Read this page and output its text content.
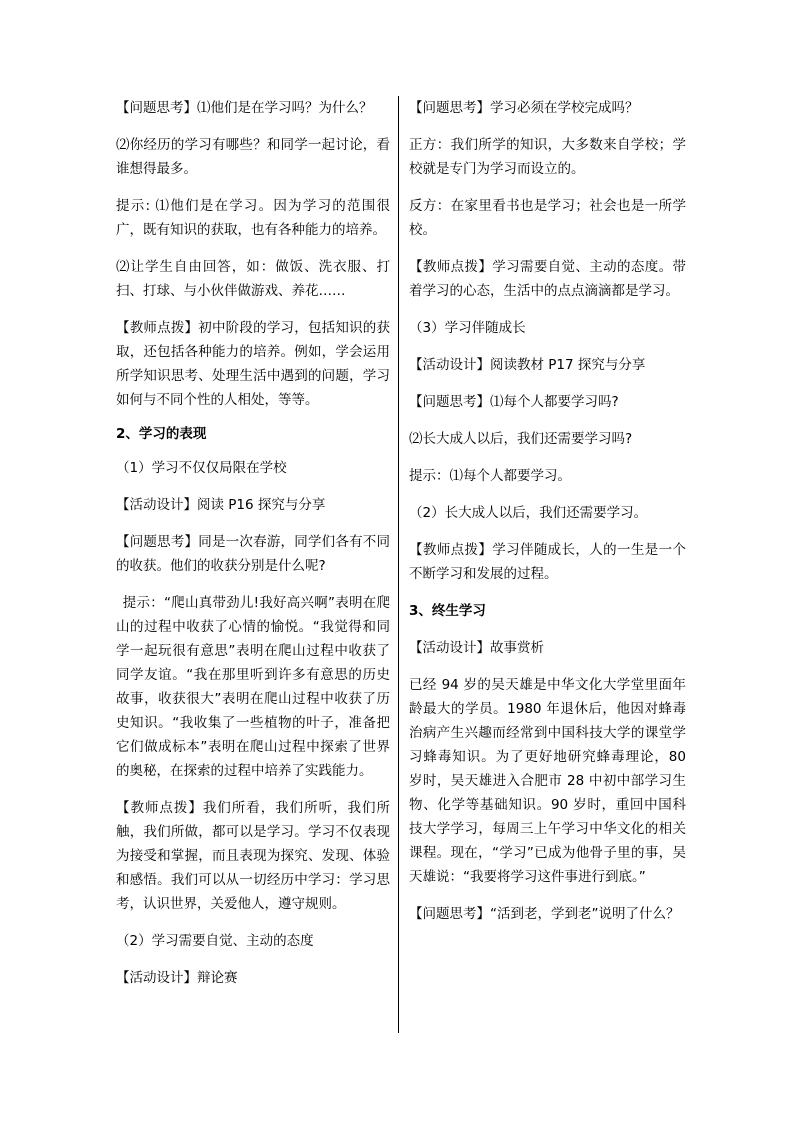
【问题思考】⑴他们是在学习吗？为什么？

⑵你经历的学习有哪些？和同学一起讨论，看谁想得最多。

提示: ⑴他们是在学习。因为学习的范围很广，既有知识的获取，也有各种能力的培养。

⑵让学生自由回答，如：做饭、洗衣服、打扫、打球、与小伙伴做游戏、养花……

【教师点拨】初中阶段的学习，包括知识的获取，还包括各种能力的培养。例如，学会运用所学知识思考、处理生活中遇到的问题，学习如何与不同个性的人相处，等等。

2、学习的表现

（1）学习不仅仅局限在学校

【活动设计】阅读 P16 探究与分享

【问题思考】同是一次春游，同学们各有不同的收获。他们的收获分别是什么呢?

提示：“爬山真带劲儿!我好高兴啊”表明在爬山的过程中收获了心情的愉悦。“我觉得和同学一起玩很有意思”表明在爬山过程中收获了同学友谊。“我在那里听到许多有意思的历史故事，收获很大”表明在爬山过程中收获了历史知识。“我收集了一些植物的叶子，准备把它们做成标本”表明在爬山过程中探索了世界的奥秘，在探索的过程中培养了实践能力。

【教师点拨】我们所看，我们所听，我们所触，我们所做，都可以是学习。学习不仅表现为接受和掌握，而且表现为探究、发现、体验和感悟。我们可以从一切经历中学习：学习思考，认识世界，关爱他人，遵守规则。

（2）学习需要自觉、主动的态度

【活动设计】辩论赛

【问题思考】学习必须在学校完成吗？

正方：我们所学的知识，大多数来自学校；学校就是专门为学习而设立的。

反方：在家里看书也是学习；社会也是一所学校。

【教师点拨】学习需要自觉、主动的态度。带着学习的心态，生活中的点点滴滴都是学习。

（3）学习伴随成长

【活动设计】阅读教材 P17 探究与分享

【问题思考】⑴每个人都要学习吗?

⑵长大成人以后，我们还需要学习吗?

提示：⑴每个人都要学习。

（2）长大成人以后，我们还需要学习。

【教师点拨】学习伴随成长，人的一生是一个不断学习和发展的过程。

3、终生学习

【活动设计】故事赏析

已经 94 岁的吴天雄是中华文化大学堂里面年龄最大的学员。1980 年退休后，他因对蜂毒治病产生兴趣而经常到中国科技大学的课堂学习蜂毒知识。为了更好地研究蜂毒理论，80 岁时，吴天雄进入合肥市 28 中初中部学习生物、化学等基础知识。90 岁时，重回中国科技大学学习，每周三上午学习中华文化的相关课程。现在，“学习”已成为他骨子里的事，吴天雄说：“我要将学习这件事进行到底。”

【问题思考】“活到老，学到老”说明了什么？
